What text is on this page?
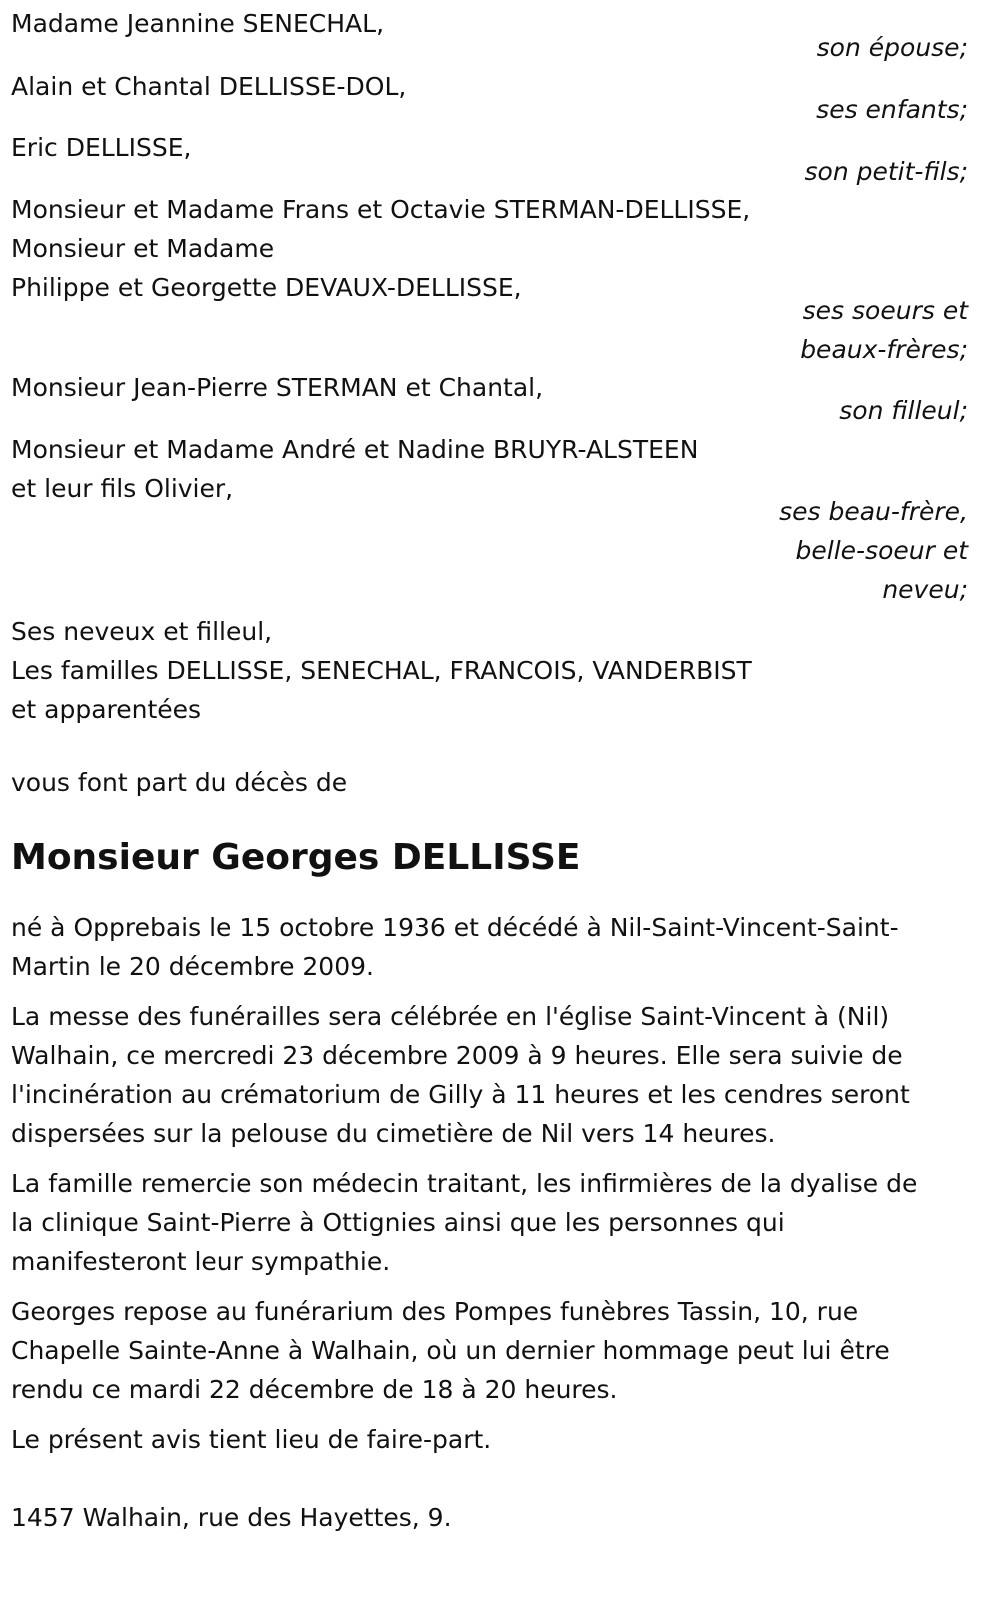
Madame Jeannine SENECHAL,
son épouse;
Alain et Chantal DELLISSE-DOL,
ses enfants;
Eric DELLISSE,
son petit-fils;
Monsieur et Madame Frans et Octavie STERMAN-DELLISSE,
Monsieur et Madame
Philippe et Georgette DEVAUX-DELLISSE,
ses soeurs et
beaux-frères;
Monsieur Jean-Pierre STERMAN et Chantal,
son filleul;
Monsieur et Madame André et Nadine BRUYR-ALSTEEN
et leur fils Olivier,
ses beau-frère,
belle-soeur et
neveu;
Ses neveux et filleul,
Les familles DELLISSE, SENECHAL, FRANCOIS, VANDERBIST
et apparentées
vous font part du décès de
Monsieur Georges DELLISSE
né à Opprebais le 15 octobre 1936 et décédé à Nil-Saint-Vincent-Saint-
Martin le 20 décembre 2009.
La messe des funérailles sera célébrée en l'église Saint-Vincent à (Nil)
Walhain, ce mercredi 23 décembre 2009 à 9 heures. Elle sera suivie de
l'incinération au crématorium de Gilly à 11 heures et les cendres seront
dispersées sur la pelouse du cimetière de Nil vers 14 heures.
La famille remercie son médecin traitant, les infirmières de la dyalise de
la clinique Saint-Pierre à Ottignies ainsi que les personnes qui
manifesteront leur sympathie.
Georges repose au funérarium des Pompes funèbres Tassin, 10, rue
Chapelle Sainte-Anne à Walhain, où un dernier hommage peut lui être
rendu ce mardi 22 décembre de 18 à 20 heures.
Le présent avis tient lieu de faire-part.
1457 Walhain, rue des Hayettes, 9.
